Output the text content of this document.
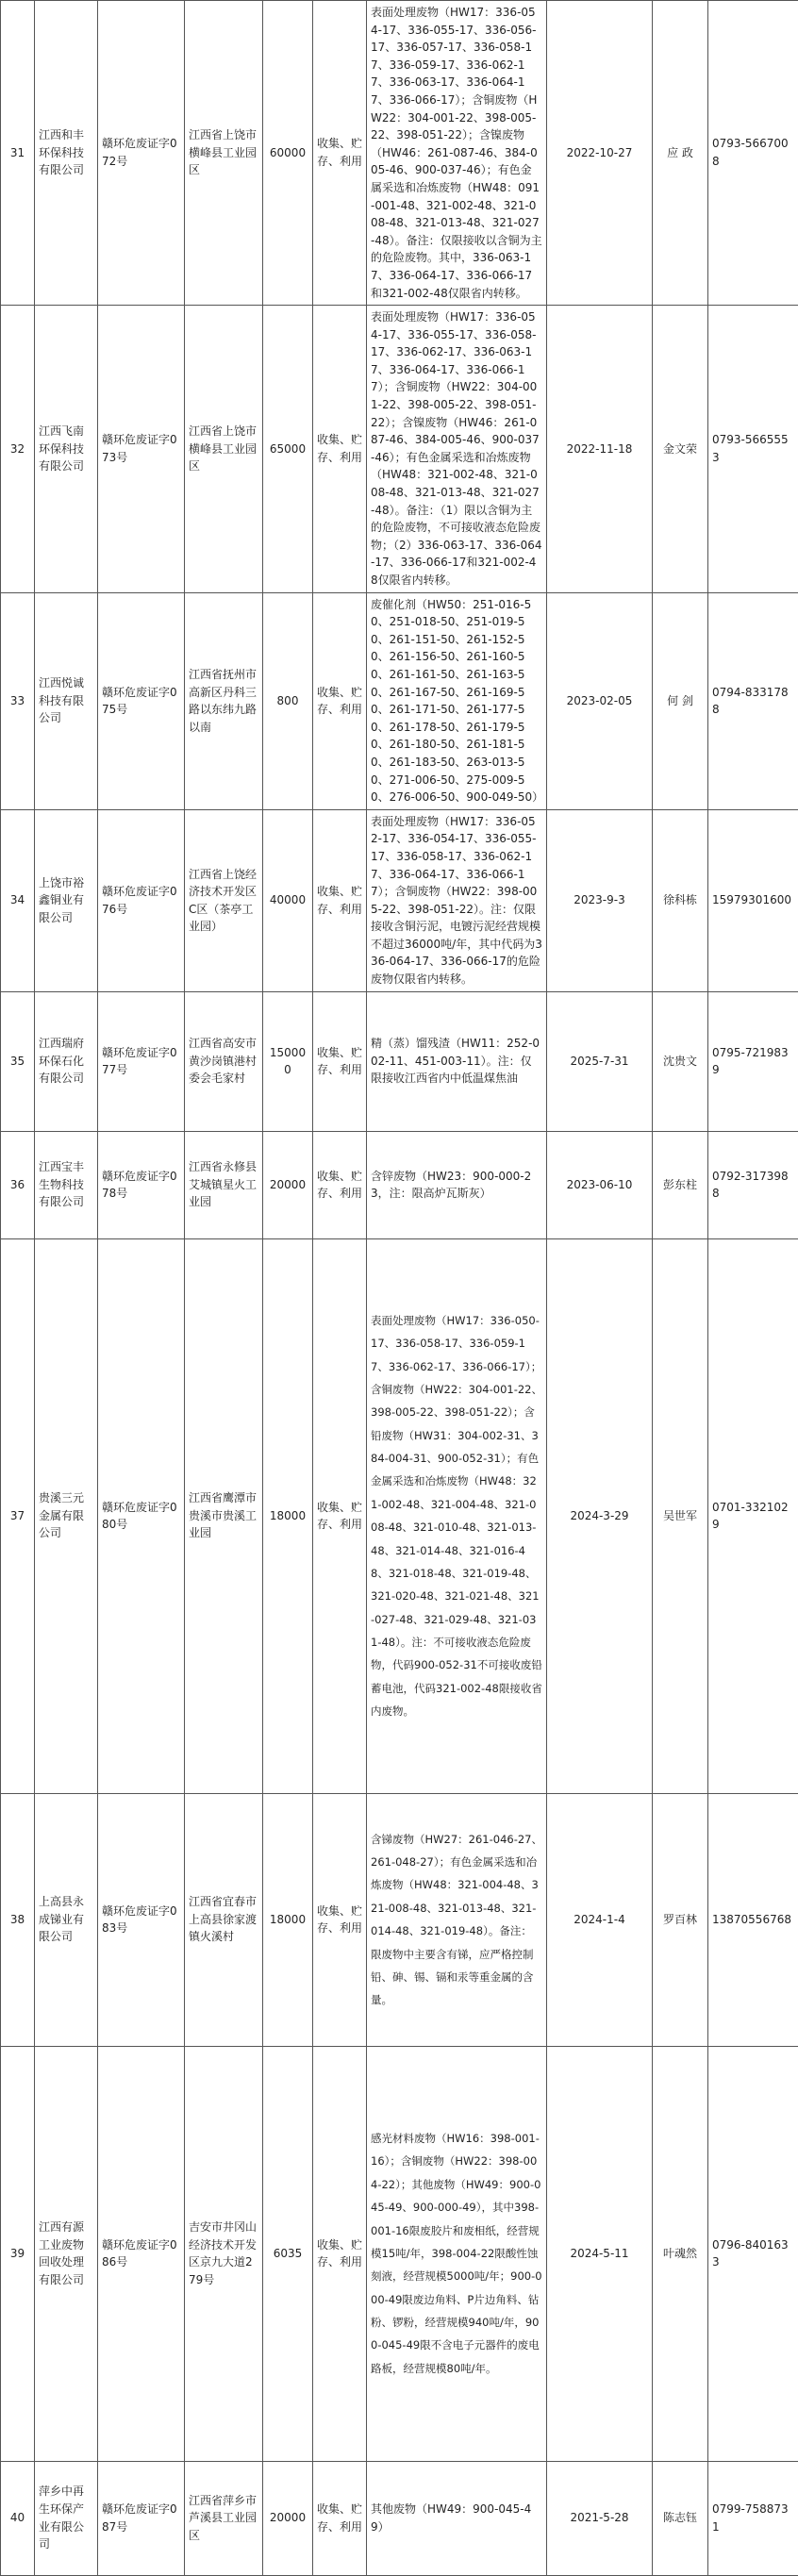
31	江西和丰环保科技有限公司	赣环危废证字072号	江西省上饶市横峰县工业园区	60000	收集、贮存、利用	表面处理废物（HW17：336-054-17、336-055-17、336-056-17、336-057-17、336-058-17、336-059-17、336-062-17、336-063-17、336-064-17、336-066-17）；含铜废物（HW22：304-001-22、398-005-22、398-051-22）；含镍废物（HW46：261-087-46、384-005-46、900-037-46）；有色金属采选和冶炼废物（HW48：091-001-48、321-002-48、321-008-48、321-013-48、321-027-48）。备注：仅限接收以含铜为主的危险废物。其中，336-063-17、336-064-17、336-066-17和321-002-48仅限省内转移。	2022-10-27	应 政	0793-5667008
32	江西飞南环保科技有限公司	赣环危废证字073号	江西省上饶市横峰县工业园区	65000	收集、贮存、利用	表面处理废物（HW17：336-054-17、336-055-17、336-058-17、336-062-17、336-063-17、336-064-17、336-066-17）；含铜废物（HW22：304-001-22、398-005-22、398-051-22）；含镍废物（HW46：261-087-46、384-005-46、900-037-46）；有色金属采选和冶炼废物（HW48：321-002-48、321-008-48、321-013-48、321-027-48）。备注：（1）限以含铜为主的危险废物，不可接收液态危险废物；（2）336-063-17、336-064-17、336-066-17和321-002-48仅限省内转移。	2022-11-18	金文荣	0793-5665553
33	江西悦诚科技有限公司	赣环危废证字075号	江西省抚州市高新区丹科三路以东纬九路以南	800	收集、贮存、利用	废催化剂（HW50：251-016-50、251-018-50、251-019-50、261-151-50、261-152-50、261-156-50、261-160-50、261-161-50、261-163-50、261-167-50、261-169-50、261-171-50、261-177-50、261-178-50、261-179-50、261-180-50、261-181-50、261-183-50、263-013-50、271-006-50、275-009-50、276-006-50、900-049-50）	2023-02-05	何 剑	0794-8331788
34	上饶市裕鑫铜业有限公司	赣环危废证字076号	江西省上饶经济技术开发区C区（茶亭工业园）	40000	收集、贮存、利用	表面处理废物（HW17：336-052-17、336-054-17、336-055-17、336-058-17、336-062-17、336-064-17、336-066-17）；含铜废物（HW22：398-005-22、398-051-22）。注：仅限接收含铜污泥，电镀污泥经营规模不超过36000吨/年，其中代码为336-064-17、336-066-17的危险废物仅限省内转移。	2023-9-3	徐科栋	15979301600
35	江西瑞府环保石化有限公司	赣环危废证字077号	江西省高安市黄沙岗镇港村委会毛家村	150000	收集、贮存、利用	精（蒸）馏残渣（HW11：252-002-11、451-003-11）。注：仅限接收江西省内中低温煤焦油	2025-7-31	沈贵文	0795-7219839
36	江西宝丰生物科技有限公司	赣环危废证字078号	江西省永修县艾城镇星火工业园	20000	收集、贮存、利用	含锌废物（HW23：900-000-23，注：限高炉瓦斯灰）	2023-06-10	彭东柱	0792-3173988
37	贵溪三元金属有限公司	赣环危废证字080号	江西省鹰潭市贵溪市贵溪工业园	18000	收集、贮存、利用	表面处理废物（HW17：336-050-17、336-058-17、336-059-17、336-062-17、336-066-17）；含铜废物（HW22：304-001-22、398-005-22、398-051-22）；含铅废物（HW31：304-002-31、384-004-31、900-052-31）；有色金属采选和冶炼废物（HW48：321-002-48、321-004-48、321-008-48、321-010-48、321-013-48、321-014-48、321-016-48、321-018-48、321-019-48、321-020-48、321-021-48、321-027-48、321-029-48、321-031-48）。注：不可接收液态危险废物，代码900-052-31不可接收废铅蓄电池，代码321-002-48限接收省内废物。	2024-3-29	吴世军	0701-3321029
38	上高县永成锑业有限公司	赣环危废证字083号	江西省宜春市上高县徐家渡镇火溪村	18000	收集、贮存、利用	含锑废物（HW27：261-046-27、261-048-27）；有色金属采选和冶炼废物（HW48：321-004-48、321-008-48、321-013-48、321-014-48、321-019-48）。备注：限废物中主要含有锑，应严格控制铅、砷、锡、镉和汞等重金属的含量。	2024-1-4	罗百林	13870556768
39	江西有源工业废物回收处理有限公司	赣环危废证字086号	吉安市井冈山经济技术开发区京九大道279号	6035	收集、贮存、利用	感光材料废物（HW16：398-001-16）；含铜废物（HW22：398-004-22）；其他废物（HW49：900-045-49、900-000-49），其中398-001-16限废胶片和废相纸，经营规模15吨/年，398-004-22限酸性蚀刻液，经营规模5000吨/年；900-000-49限废边角料、P片边角料、钻粉、锣粉，经营规模940吨/年，900-045-49限不含电子元器件的废电路板，经营规模80吨/年。	2024-5-11	叶魂然	0796-8401633
40	萍乡中再生环保产业有限公司	赣环危废证字087号	江西省萍乡市芦溪县工业园区	20000	收集、贮存、利用	其他废物（HW49：900-045-49）	2021-5-28	陈志钰	0799-7588731
